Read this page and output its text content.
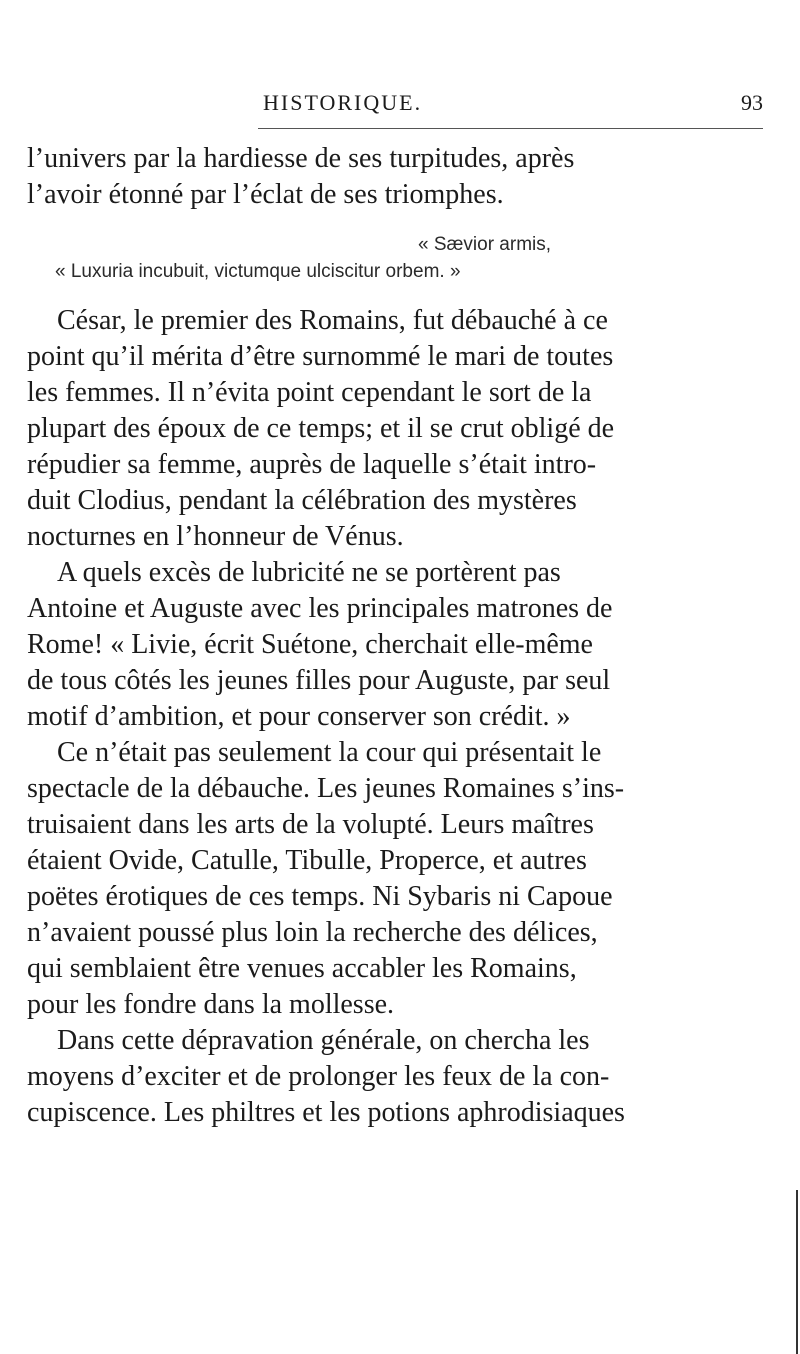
HISTORIQUE.	93
l’univers par la hardiesse de ses turpitudes, après
l’avoir étonné par l’éclat de ses triomphes.
« Sævior armis,
« Luxuria incubuit, victumque ulciscitur orbem. »
César, le premier des Romains, fut débauché à ce
point qu’il mérita d’être surnommé le mari de toutes
les femmes. Il n’évita point cependant le sort de la
plupart des époux de ce temps; et il se crut obligé de
répudier sa femme, auprès de laquelle s’était intro-
duit Clodius, pendant la célébration des mystères
nocturnes en l’honneur de Vénus.
A quels excès de lubricité ne se portèrent pas
Antoine et Auguste avec les principales matrones de
Rome! « Livie, écrit Suétone, cherchait elle-même
de tous côtés les jeunes filles pour Auguste, par seul
motif d’ambition, et pour conserver son crédit. »
Ce n’était pas seulement la cour qui présentait le
spectacle de la débauche. Les jeunes Romaines s’ins-
truisaient dans les arts de la volupté. Leurs maîtres
étaient Ovide, Catulle, Tibulle, Properce, et autres
poëtes érotiques de ces temps. Ni Sybaris ni Capoue
n’avaient poussé plus loin la recherche des délices,
qui semblaient être venues accabler les Romains,
pour les fondre dans la mollesse.
Dans cette dépravation générale, on chercha les
moyens d’exciter et de prolonger les feux de la con-
cupiscence. Les philtres et les potions aphrodisiaques
